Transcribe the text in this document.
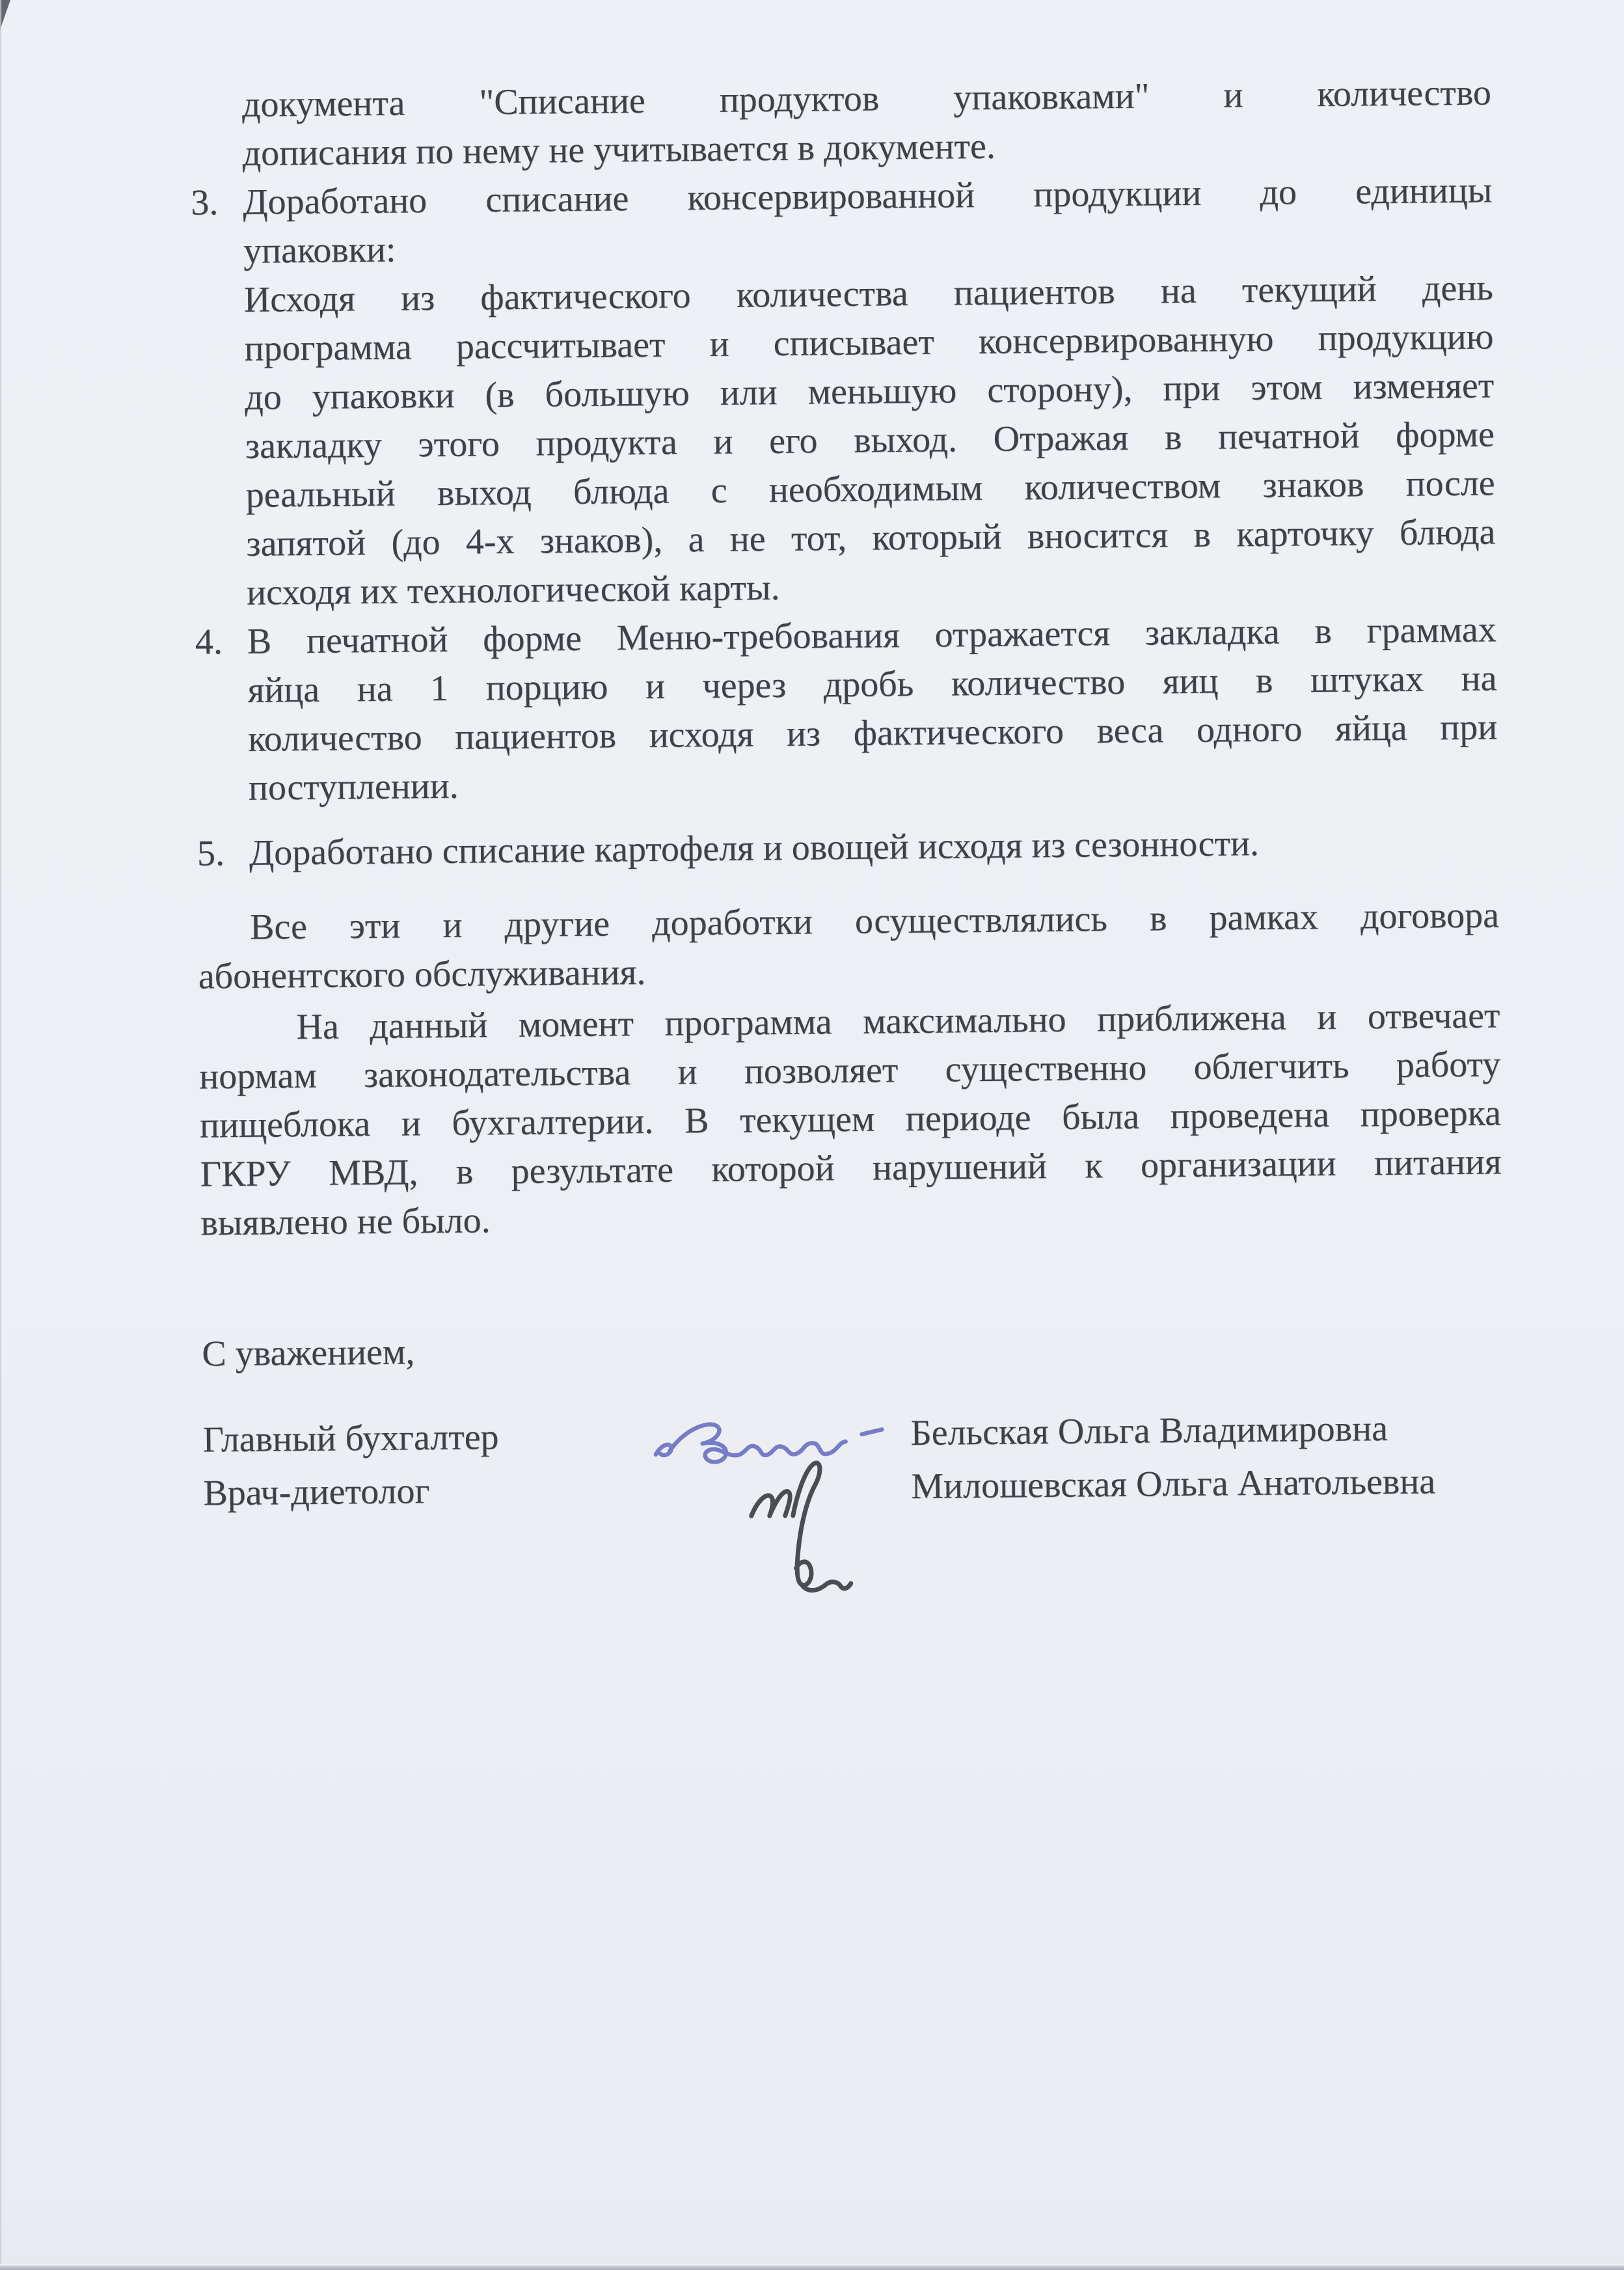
документа "Списание продуктов упаковками" и количество
дописания по нему не учитывается в документе.
3. Доработано списание консервированной продукции до единицы
упаковки:
Исходя из фактического количества пациентов на текущий день
программа рассчитывает и списывает консервированную продукцию
до упаковки (в большую или меньшую сторону), при этом изменяет
закладку этого продукта и его выход. Отражая в печатной форме
реальный выход блюда с необходимым количеством знаков после
запятой (до 4-х знаков), а не тот, который вносится в карточку блюда
исходя их технологической карты.
4. В печатной форме Меню-требования отражается закладка в граммах
яйца на 1 порцию и через дробь количество яиц в штуках на
количество пациентов исходя из фактического веса одного яйца при
поступлении.
5. Доработано списание картофеля и овощей исходя из сезонности.
Все эти и другие доработки осуществлялись в рамках договора
абонентского обслуживания.
На данный момент программа максимально приближена и отвечает
нормам законодательства и позволяет существенно облегчить работу
пищеблока и бухгалтерии. В текущем периоде была проведена проверка
ГКРУ МВД, в результате которой нарушений к организации питания
выявлено не было.
С уважением,
Главный бухгалтер	Бельская Ольга Владимировна
Врач-диетолог	Милошевская Ольга Анатольевна
